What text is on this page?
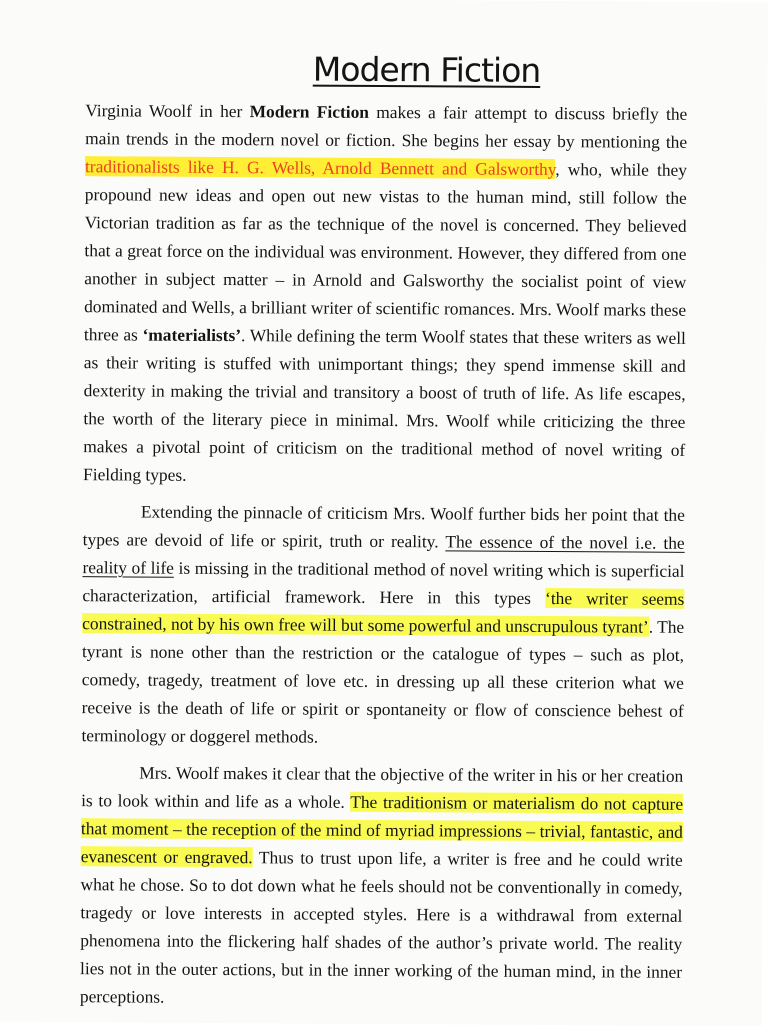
Modern Fiction

Virginia Woolf in her Modern Fiction makes a fair attempt to discuss briefly the main trends in the modern novel or fiction. She begins her essay by mentioning the traditionalists like H. G. Wells, Arnold Bennett and Galsworthy, who, while they propound new ideas and open out new vistas to the human mind, still follow the Victorian tradition as far as the technique of the novel is concerned. They believed that a great force on the individual was environment. However, they differed from one another in subject matter – in Arnold and Galsworthy the socialist point of view dominated and Wells, a brilliant writer of scientific romances. Mrs. Woolf marks these three as ‘materialists’. While defining the term Woolf states that these writers as well as their writing is stuffed with unimportant things; they spend immense skill and dexterity in making the trivial and transitory a boost of truth of life. As life escapes, the worth of the literary piece in minimal. Mrs. Woolf while criticizing the three makes a pivotal point of criticism on the traditional method of novel writing of Fielding types.

Extending the pinnacle of criticism Mrs. Woolf further bids her point that the types are devoid of life or spirit, truth or reality. The essence of the novel i.e. the reality of life is missing in the traditional method of novel writing which is superficial characterization, artificial framework. Here in this types ‘the writer seems constrained, not by his own free will but some powerful and unscrupulous tyrant’. The tyrant is none other than the restriction or the catalogue of types – such as plot, comedy, tragedy, treatment of love etc. in dressing up all these criterion what we receive is the death of life or spirit or spontaneity or flow of conscience behest of terminology or doggerel methods.

Mrs. Woolf makes it clear that the objective of the writer in his or her creation is to look within and life as a whole. The traditionism or materialism do not capture that moment – the reception of the mind of myriad impressions – trivial, fantastic, and evanescent or engraved. Thus to trust upon life, a writer is free and he could write what he chose. So to dot down what he feels should not be conventionally in comedy, tragedy or love interests in accepted styles. Here is a withdrawal from external phenomena into the flickering half shades of the author’s private world. The reality lies not in the outer actions, but in the inner working of the human mind, in the inner perceptions.
